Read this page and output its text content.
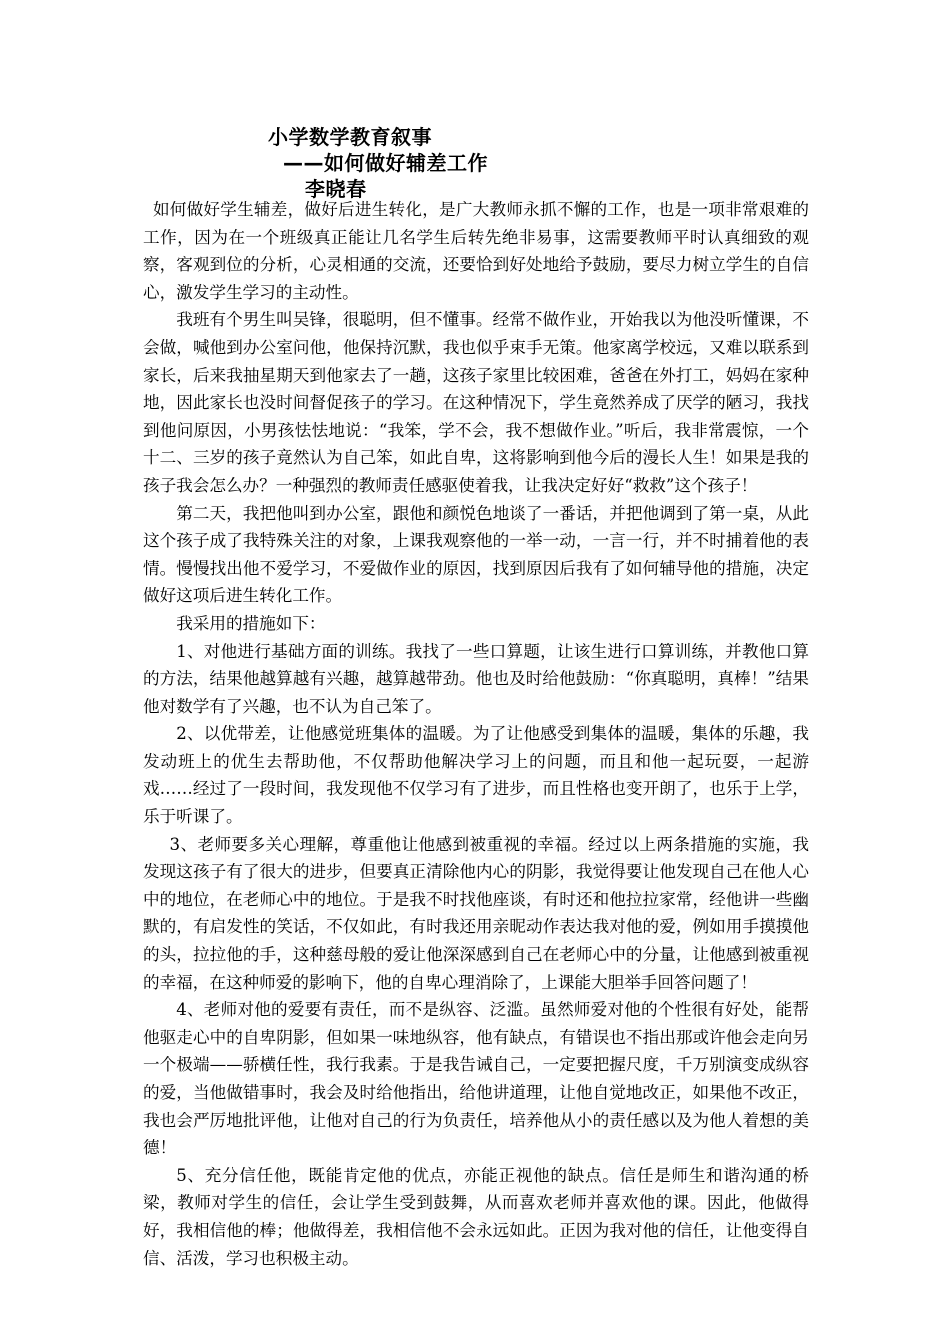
小学数学教育叙事
——如何做好辅差工作
李晓春

如何做好学生辅差，做好后进生转化，是广大教师永抓不懈的工作，也是一项非常艰难的工作，因为在一个班级真正能让几名学生后转先绝非易事，这需要教师平时认真细致的观察，客观到位的分析，心灵相通的交流，还要恰到好处地给予鼓励，要尽力树立学生的自信心，激发学生学习的主动性。

我班有个男生叫吴锋，很聪明，但不懂事。经常不做作业，开始我以为他没听懂课，不会做，喊他到办公室问他，他保持沉默，我也似乎束手无策。他家离学校远，又难以联系到家长，后来我抽星期天到他家去了一趟，这孩子家里比较困难，爸爸在外打工，妈妈在家种地，因此家长也没时间督促孩子的学习。在这种情况下，学生竟然养成了厌学的陋习，我找到他问原因，小男孩怯怯地说：“我笨，学不会，我不想做作业。”听后，我非常震惊，一个十二、三岁的孩子竟然认为自己笨，如此自卑，这将影响到他今后的漫长人生！如果是我的孩子我会怎么办？一种强烈的教师责任感驱使着我，让我决定好好“救救”这个孩子！

第二天，我把他叫到办公室，跟他和颜悦色地谈了一番话，并把他调到了第一桌，从此这个孩子成了我特殊关注的对象，上课我观察他的一举一动，一言一行，并不时捕着他的表情。慢慢找出他不爱学习，不爱做作业的原因，找到原因后我有了如何辅导他的措施，决定做好这项后进生转化工作。

我采用的措施如下：

1、对他进行基础方面的训练。我找了一些口算题，让该生进行口算训练，并教他口算的方法，结果他越算越有兴趣，越算越带劲。他也及时给他鼓励：“你真聪明，真棒！”结果他对数学有了兴趣，也不认为自己笨了。

2、以优带差，让他感觉班集体的温暖。为了让他感受到集体的温暖，集体的乐趣，我发动班上的优生去帮助他，不仅帮助他解决学习上的问题，而且和他一起玩耍，一起游戏……经过了一段时间，我发现他不仅学习有了进步，而且性格也变开朗了，也乐于上学，乐于听课了。

3、老师要多关心理解，尊重他让他感到被重视的幸福。经过以上两条措施的实施，我发现这孩子有了很大的进步，但要真正清除他内心的阴影，我觉得要让他发现自己在他人心中的地位，在老师心中的地位。于是我不时找他座谈，有时还和他拉拉家常，经他讲一些幽默的，有启发性的笑话，不仅如此，有时我还用亲昵动作表达我对他的爱，例如用手摸摸他的头，拉拉他的手，这种慈母般的爱让他深深感到自己在老师心中的分量，让他感到被重视的幸福，在这种师爱的影响下，他的自卑心理消除了，上课能大胆举手回答问题了！

4、老师对他的爱要有责任，而不是纵容、泛滥。虽然师爱对他的个性很有好处，能帮他驱走心中的自卑阴影，但如果一味地纵容，他有缺点，有错误也不指出那或许他会走向另一个极端——骄横任性，我行我素。于是我告诫自己，一定要把握尺度，千万别演变成纵容的爱，当他做错事时，我会及时给他指出，给他讲道理，让他自觉地改正，如果他不改正，我也会严厉地批评他，让他对自己的行为负责任，培养他从小的责任感以及为他人着想的美德！

5、充分信任他，既能肯定他的优点，亦能正视他的缺点。信任是师生和谐沟通的桥梁，教师对学生的信任，会让学生受到鼓舞，从而喜欢老师并喜欢他的课。因此，他做得好，我相信他的棒；他做得差，我相信他不会永远如此。正因为我对他的信任，让他变得自信、活泼，学习也积极主动。
